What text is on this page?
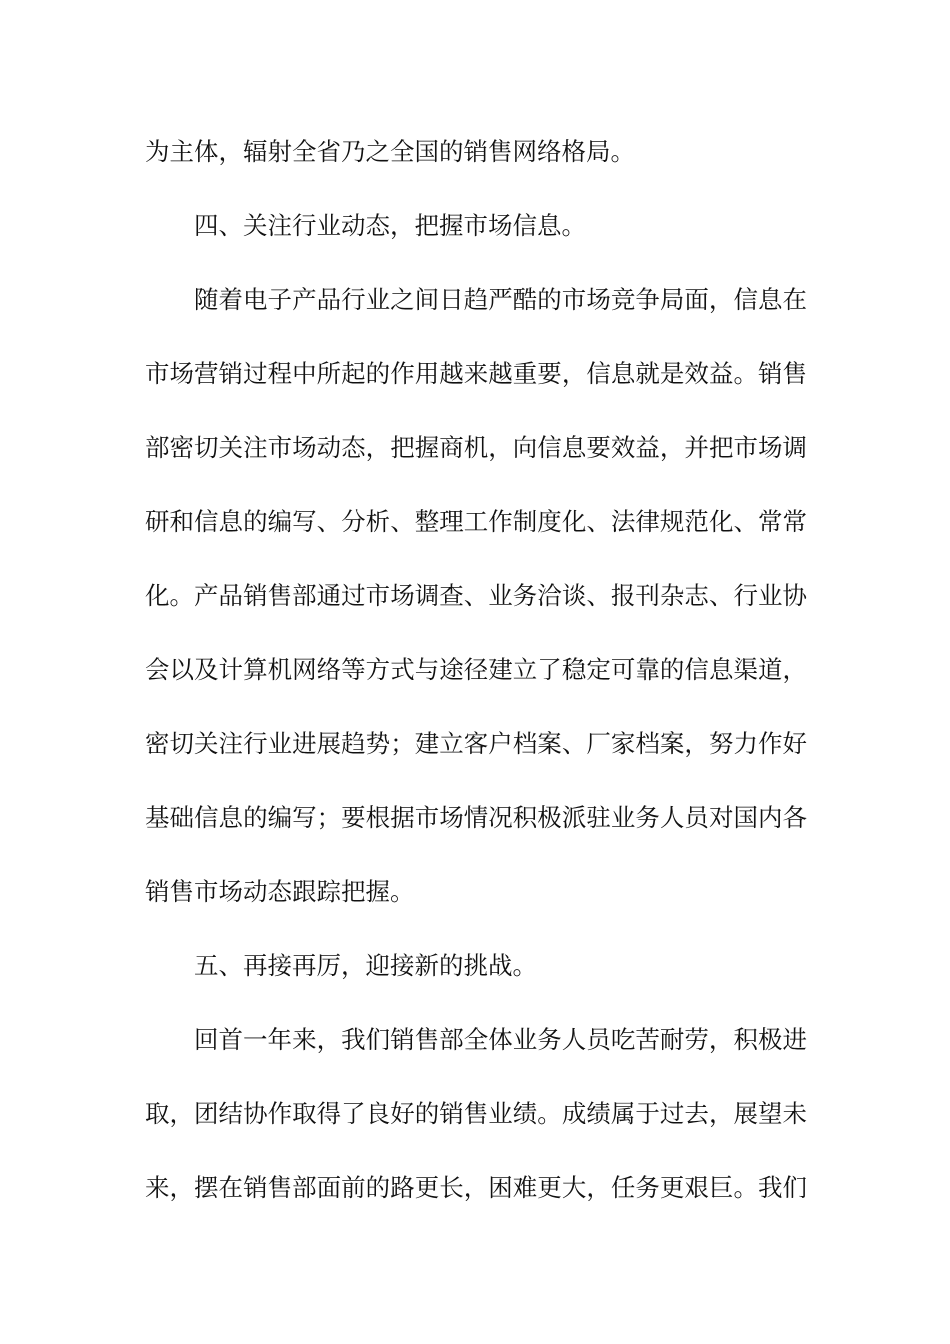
为主体，辐射全省乃之全国的销售网络格局。
四、关注行业动态，把握市场信息。
随着电子产品行业之间日趋严酷的市场竞争局面，信息在
市场营销过程中所起的作用越来越重要，信息就是效益。销售
部密切关注市场动态，把握商机，向信息要效益，并把市场调
研和信息的编写、分析、整理工作制度化、法律规范化、常常
化。产品销售部通过市场调查、业务洽谈、报刊杂志、行业协
会以及计算机网络等方式与途径建立了稳定可靠的信息渠道，
密切关注行业进展趋势；建立客户档案、厂家档案，努力作好
基础信息的编写；要根据市场情况积极派驻业务人员对国内各
销售市场动态跟踪把握。
五、再接再厉，迎接新的挑战。
回首一年来，我们销售部全体业务人员吃苦耐劳，积极进
取，团结协作取得了良好的销售业绩。成绩属于过去，展望未
来，摆在销售部面前的路更长，困难更大，任务更艰巨。我们
